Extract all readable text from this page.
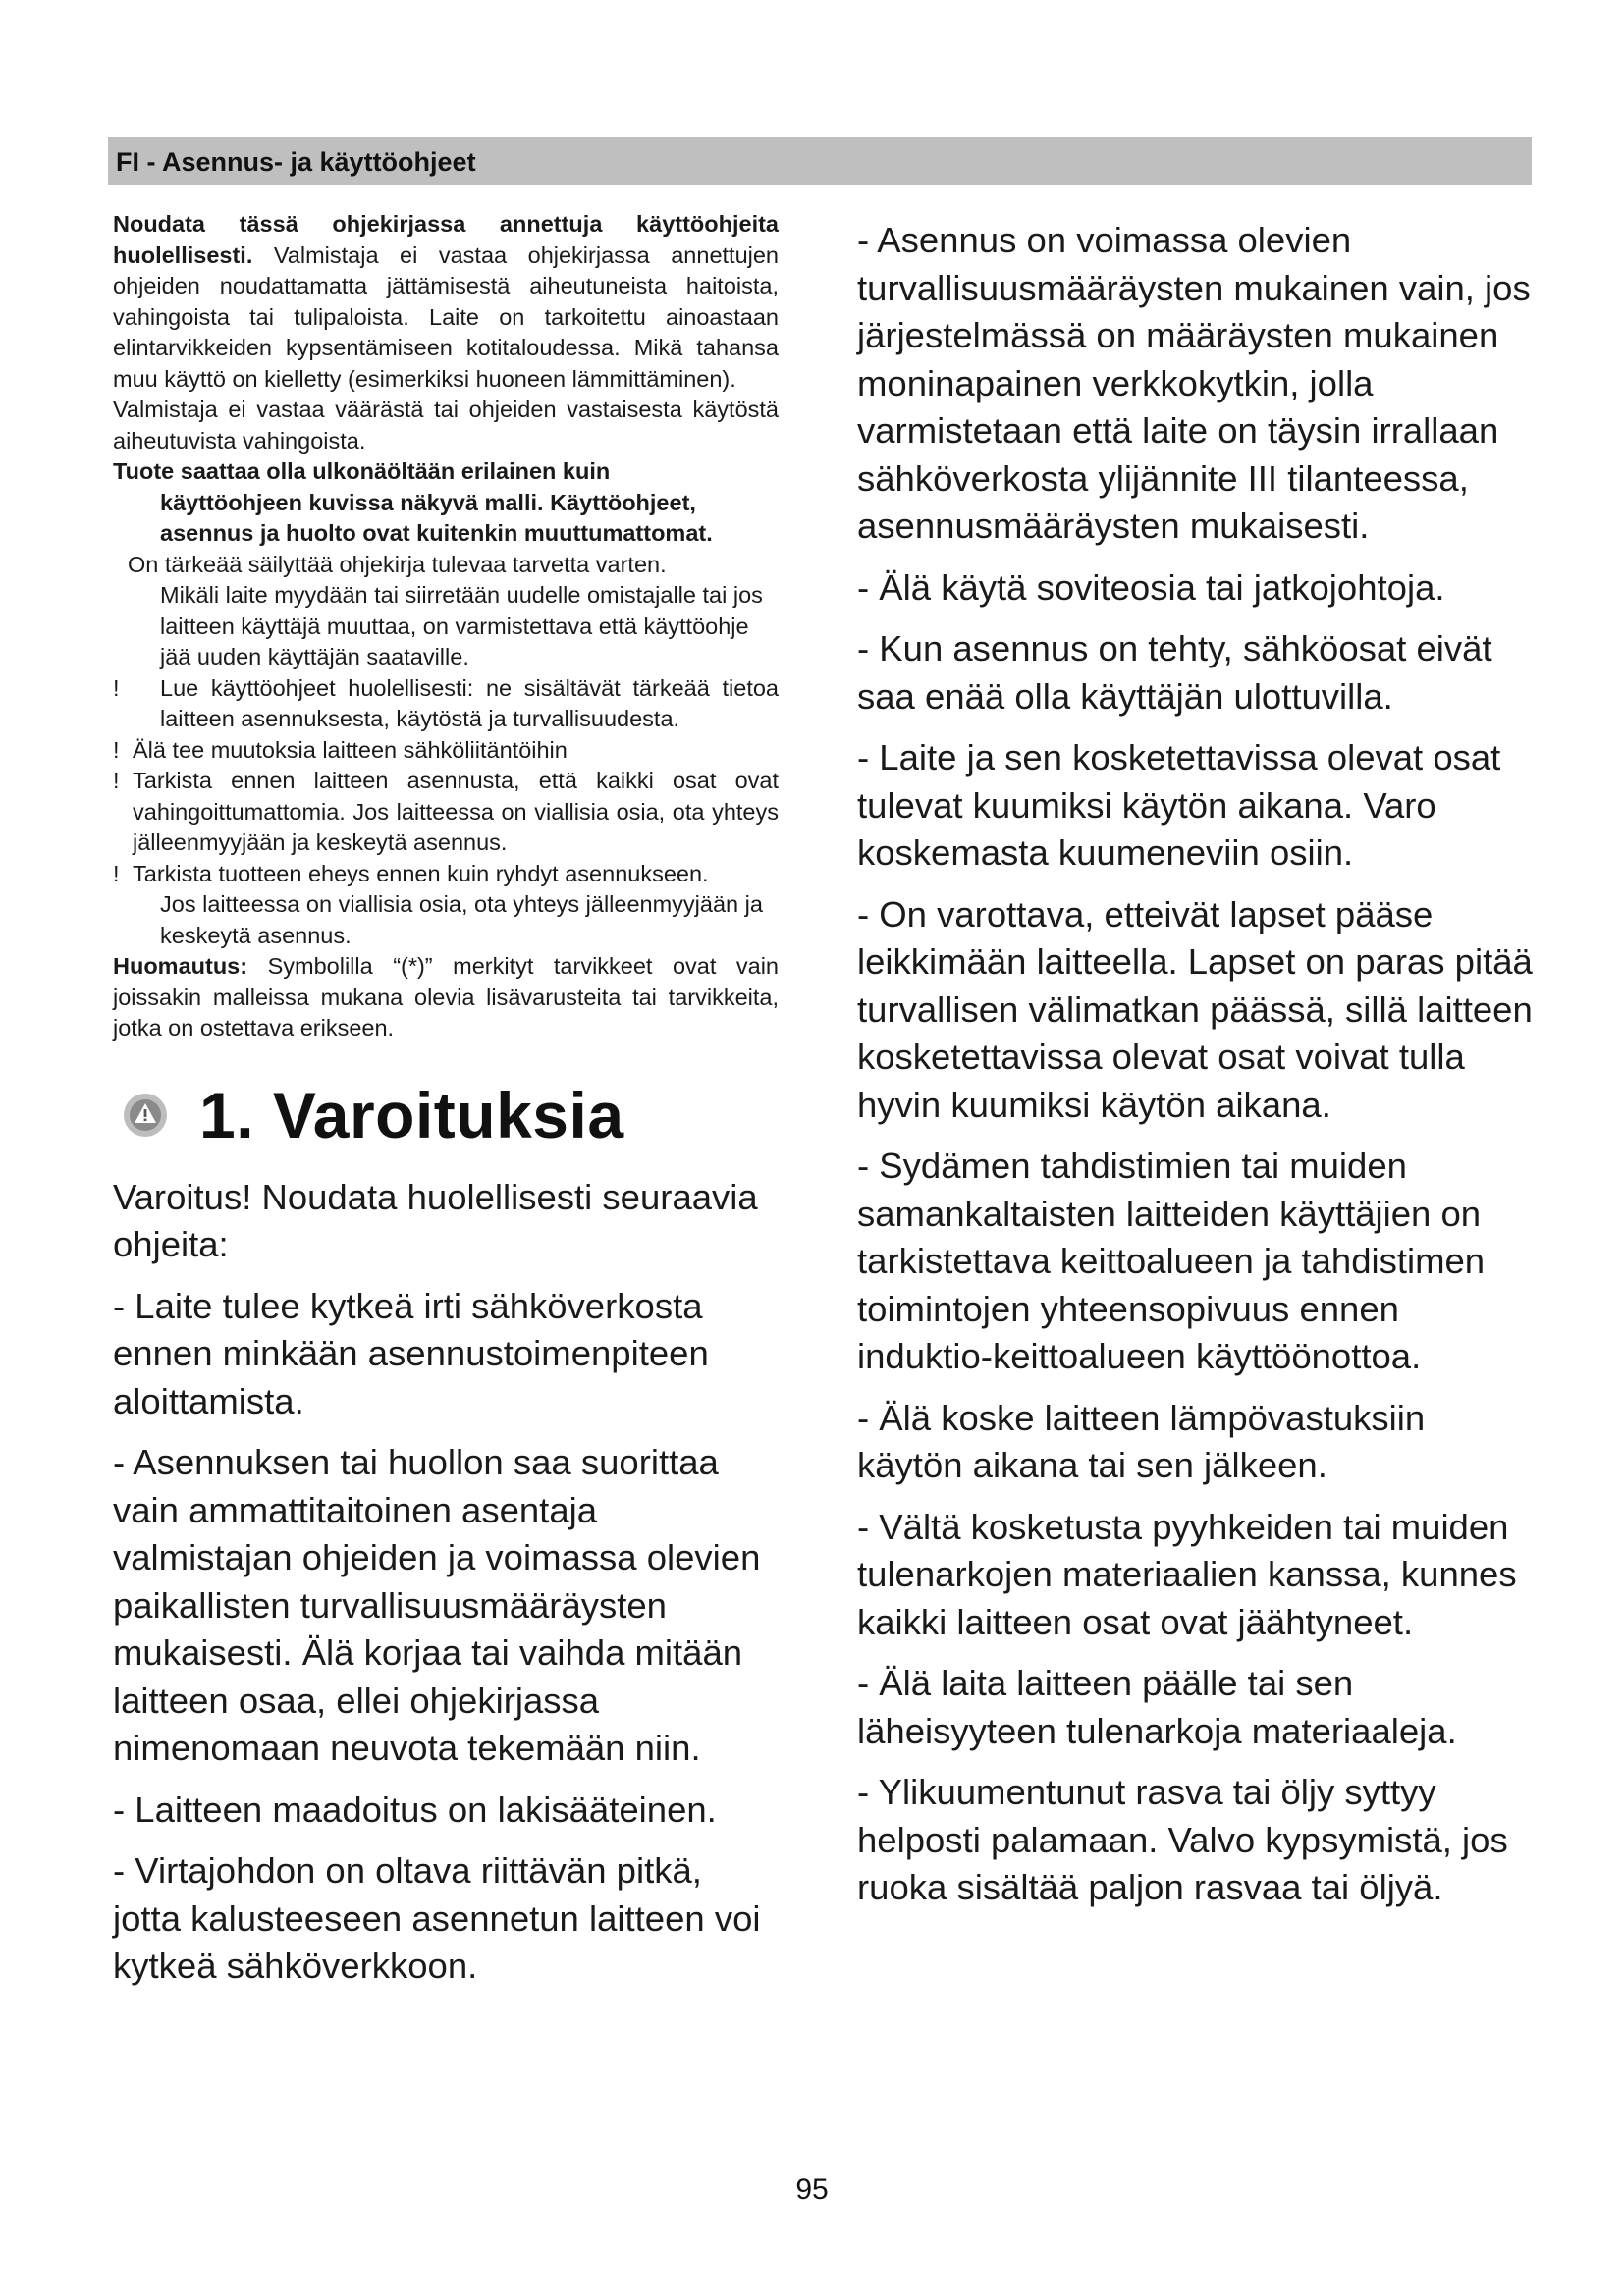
FI - Asennus- ja käyttöohjeet

Noudata tässä ohjekirjassa annettuja käyttöohjeita huolellisesti. Valmistaja ei vastaa ohjekirjassa annettujen ohjeiden noudattamatta jättämisestä aiheutuneista haitoista, vahingoista tai tulipaloista. Laite on tarkoitettu ainoastaan elintarvikkeiden kypsentämiseen kotitaloudessa. Mikä tahansa muu käyttö on kielletty (esimerkiksi huoneen lämmittäminen).

Valmistaja ei vastaa väärästä tai ohjeiden vastaisesta käytöstä aiheutuvista vahingoista.

Tuote saattaa olla ulkonäöltään erilainen kuin

käyttöohjeen kuvissa näkyvä malli. Käyttöohjeet,

asennus ja huolto ovat kuitenkin muuttumattomat.

On tärkeää säilyttää ohjekirja tulevaa tarvetta varten.

Mikäli laite myydään tai siirretään uudelle omistajalle tai jos laitteen käyttäjä muuttaa, on varmistettava että käyttöohje jää uuden käyttäjän saataville.

!	Lue käyttöohjeet huolellisesti: ne sisältävät tärkeää tietoa laitteen asennuksesta, käytöstä ja turvallisuudesta.
! Älä tee muutoksia laitteen sähköliitäntöihin
! Tarkista ennen laitteen asennusta, että kaikki osat ovat vahingoittumattomia. Jos laitteessa on viallisia osia, ota yhteys jälleenmyyjään ja keskeytä asennus.
! Tarkista tuotteen eheys ennen kuin ryhdyt asennukseen.

Jos laitteessa on viallisia osia, ota yhteys jälleenmyyjään ja keskeytä asennus.

Huomautus: Symbolilla “(*)” merkityt tarvikkeet ovat vain joissakin malleissa mukana olevia lisävarusteita tai tarvikkeita, jotka on ostettava erikseen.

1. Varoituksia

Varoitus! Noudata huolellisesti seuraavia ohjeita:

- Laite tulee kytkeä irti sähköverkosta ennen minkään asennustoimenpiteen aloittamista.

- Asennuksen tai huollon saa suorittaa vain ammattitaitoinen asentaja valmistajan ohjeiden ja voimassa olevien paikallisten turvallisuusmääräysten mukaisesti. Älä korjaa tai vaihda mitään laitteen osaa, ellei ohjekirjassa nimenomaan neuvota tekemään niin.

- Laitteen maadoitus on lakisääteinen.

- Virtajohdon on oltava riittävän pitkä, jotta kalusteeseen asennetun laitteen voi kytkeä sähköverkkoon.

- Asennus on voimassa olevien turvallisuusmääräysten mukainen vain, jos järjestelmässä on määräysten mukainen moninapainen verkkokytkin, jolla varmistetaan että laite on täysin irrallaan sähköverkosta ylijännite III tilanteessa, asennusmääräysten mukaisesti.

- Älä käytä soviteosia tai jatkojohtoja.

- Kun asennus on tehty, sähköosat eivät saa enää olla käyttäjän ulottuvilla.

- Laite ja sen kosketettavissa olevat osat tulevat kuumiksi käytön aikana. Varo koskemasta kuumeneviin osiin.

- On varottava, etteivät lapset pääse leikkimään laitteella. Lapset on paras pitää turvallisen välimatkan päässä, sillä laitteen kosketettavissa olevat osat voivat tulla hyvin kuumiksi käytön aikana.

- Sydämen tahdistimien tai muiden samankaltaisten laitteiden käyttäjien on tarkistettava keittoalueen ja tahdistimen toimintojen yhteensopivuus ennen induktio-keittoalueen käyttöönottoa.

- Älä koske laitteen lämpövastuksiin käytön aikana tai sen jälkeen.

- Vältä kosketusta pyyhkeiden tai muiden tulenarkojen materiaalien kanssa, kunnes kaikki laitteen osat ovat jäähtyneet.

- Älä laita laitteen päälle tai sen läheisyyteen tulenarkoja materiaaleja.

- Ylikuumentunut rasva tai öljy syttyy helposti palamaan. Valvo kypsymistä, jos ruoka sisältää paljon rasvaa tai öljyä.

95
